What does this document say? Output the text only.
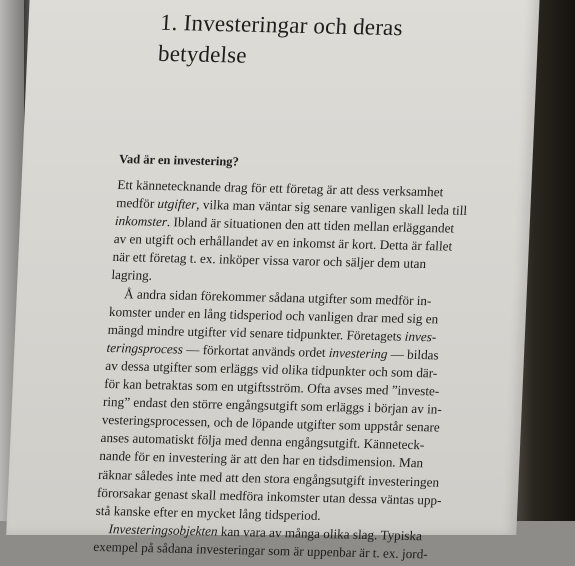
1. Investeringar och deras
betydelse
Vad är en investering?
Ett kännetecknande drag för ett företag är att dess verksamhet
medför utgifter, vilka man väntar sig senare vanligen skall leda till
inkomster. Ibland är situationen den att tiden mellan erläggandet
av en utgift och erhållandet av en inkomst är kort. Detta är fallet
när ett företag t. ex. inköper vissa varor och säljer dem utan
lagring.
Å andra sidan förekommer sådana utgifter som medför in-
komster under en lång tidsperiod och vanligen drar med sig en
mängd mindre utgifter vid senare tidpunkter. Företagets inves-
teringsprocess — förkortat används ordet investering — bildas
av dessa utgifter som erläggs vid olika tidpunkter och som där-
för kan betraktas som en utgiftsström. Ofta avses med ”investe-
ring” endast den större engångsutgift som erläggs i början av in-
vesteringsprocessen, och de löpande utgifter som uppstår senare
anses automatiskt följa med denna engångsutgift. Känneteck-
nande för en investering är att den har en tidsdimension. Man
räknar således inte med att den stora engångsutgift investeringen
förorsakar genast skall medföra inkomster utan dessa väntas upp-
stå kanske efter en mycket lång tidsperiod.
Investeringsobjekten kan vara av många olika slag. Typiska
exempel på sådana investeringar som är uppenbar är t. ex. jord-
